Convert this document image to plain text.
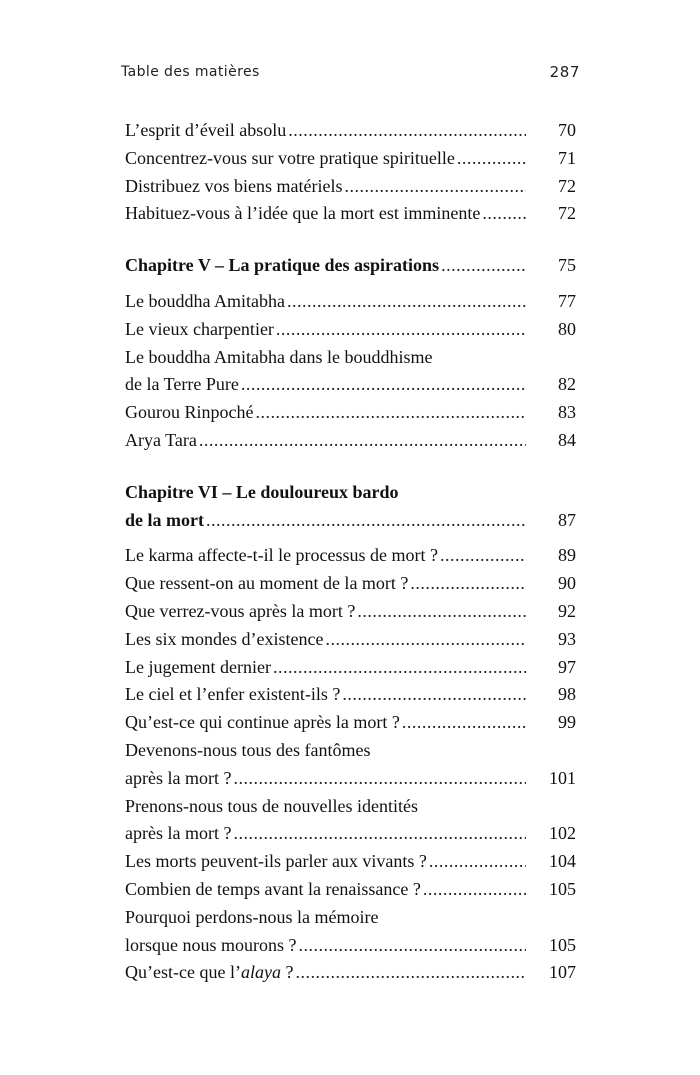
Table des matières	287
L’esprit d’éveil absolu .....	70
Concentrez-vous sur votre pratique spirituelle .....	71
Distribuez vos biens matériels .....	72
Habituez-vous à l’idée que la mort est imminente .....	72
Chapitre V – La pratique des aspirations .....	75
Le bouddha Amitabha .....	77
Le vieux charpentier .....	80
Le bouddha Amitabha dans le bouddhisme
de la Terre Pure .....	82
Gourou Rinpoché .....	83
Arya Tara .....	84
Chapitre VI – Le douloureux bardo
de la mort .....	87
Le karma affecte-t-il le processus de mort ? .....	89
Que ressent-on au moment de la mort ? .....	90
Que verrez-vous après la mort ? .....	92
Les six mondes d’existence .....	93
Le jugement dernier .....	97
Le ciel et l’enfer existent-ils ? .....	98
Qu’est-ce qui continue après la mort ? .....	99
Devenons-nous tous des fantômes
après la mort ? .....	101
Prenons-nous tous de nouvelles identités
après la mort ? .....	102
Les morts peuvent-ils parler aux vivants ? .....	104
Combien de temps avant la renaissance ? .....	105
Pourquoi perdons-nous la mémoire
lorsque nous mourons ? .....	105
Qu’est-ce que l’alaya ? .....	107
